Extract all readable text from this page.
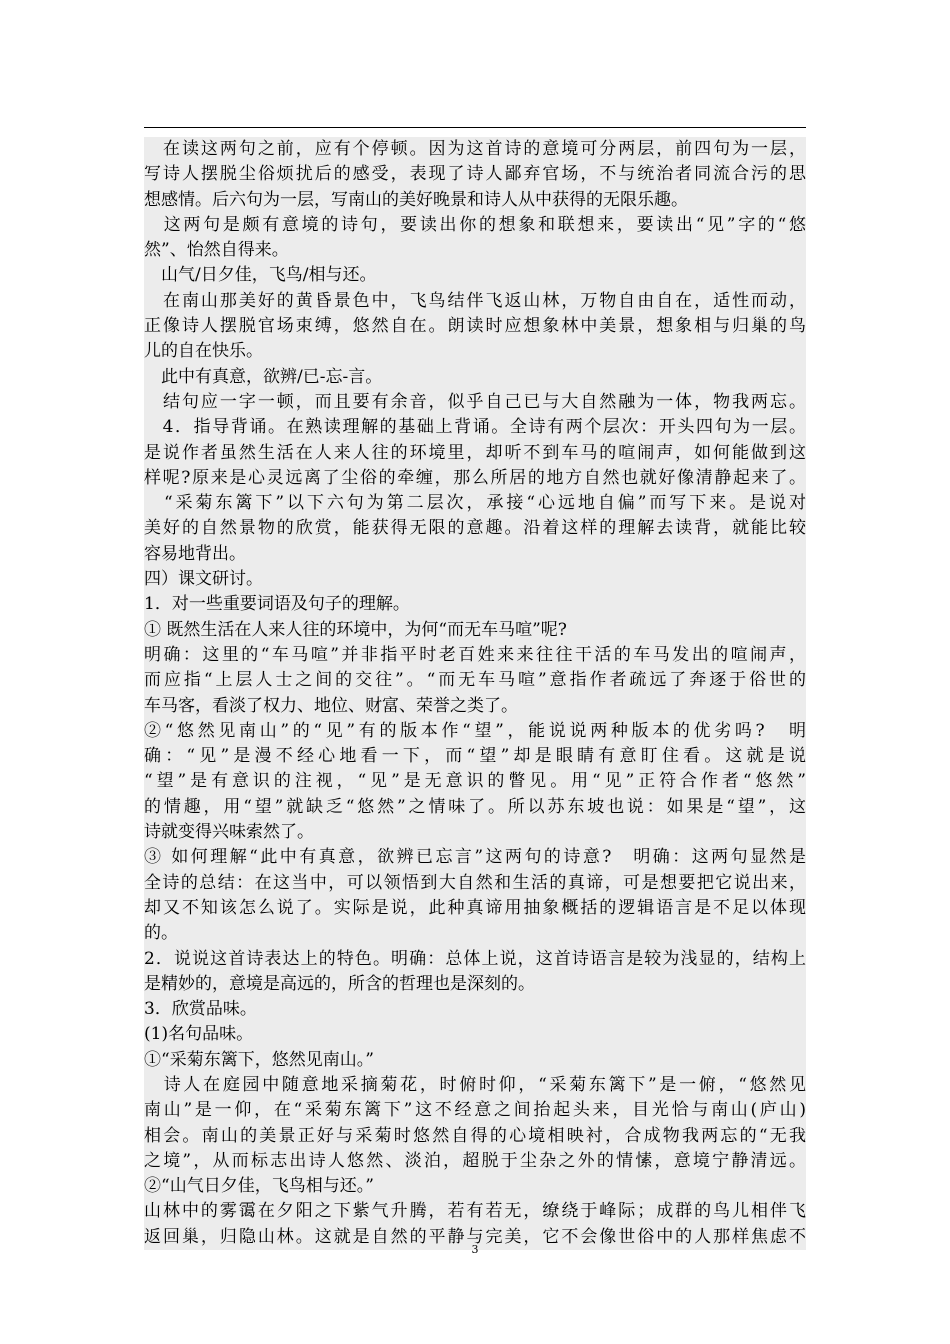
　在读这两句之前，应有个停顿。因为这首诗的意境可分两层，前四句为一层，
写诗人摆脱尘俗烦扰后的感受，表现了诗人鄙弃官场，不与统治者同流合污的思
想感情。后六句为一层，写南山的美好晚景和诗人从中获得的无限乐趣。
　这两句是颇有意境的诗句，要读出你的想象和联想来，要读出“见”字的“悠
然”、怡然自得来。
　山气/日夕佳，飞鸟/相与还。
　在南山那美好的黄昏景色中，飞鸟结伴飞返山林，万物自由自在，适性而动，
正像诗人摆脱官场束缚，悠然自在。朗读时应想象林中美景，想象相与归巢的鸟
儿的自在快乐。
　此中有真意，欲辨/已-忘-言。
　结句应一字一顿，而且要有余音，似乎自己已与大自然融为一体，物我两忘。
　4．指导背诵。在熟读理解的基础上背诵。全诗有两个层次：开头四句为一层。
是说作者虽然生活在人来人往的环境里，却听不到车马的喧闹声，如何能做到这
样呢?原来是心灵远离了尘俗的牵缠，那么所居的地方自然也就好像清静起来了。
　“采菊东篱下”以下六句为第二层次，承接“心远地自偏”而写下来。是说对
美好的自然景物的欣赏，能获得无限的意趣。沿着这样的理解去读背，就能比较
容易地背出。
四）课文研讨。
1．对一些重要词语及句子的理解。
① 既然生活在人来人往的环境中，为何“而无车马喧”呢?
明确：这里的“车马喧”并非指平时老百姓来来往往干活的车马发出的喧闹声，
而应指“上层人士之间的交往”。“而无车马喧”意指作者疏远了奔逐于俗世的
车马客，看淡了权力、地位、财富、荣誉之类了。
②“悠然见南山”的“见”有的版本作“望”，能说说两种版本的优劣吗?　明
确：“见”是漫不经心地看一下，而“望”却是眼睛有意盯住看。这就是说
“望”是有意识的注视，“见”是无意识的瞥见。用“见”正符合作者“悠然”
的情趣，用“望”就缺乏“悠然”之情味了。所以苏东坡也说：如果是“望”，这
诗就变得兴味索然了。
③ 如何理解“此中有真意，欲辨已忘言”这两句的诗意?　明确：这两句显然是
全诗的总结：在这当中，可以领悟到大自然和生活的真谛，可是想要把它说出来，
却又不知该怎么说了。实际是说，此种真谛用抽象概括的逻辑语言是不足以体现
的。
2．说说这首诗表达上的特色。明确：总体上说，这首诗语言是较为浅显的，结构上
是精妙的，意境是高远的，所含的哲理也是深刻的。
3．欣赏品味。
(1)名句品味。
①“采菊东篱下，悠然见南山。”
　诗人在庭园中随意地采摘菊花，时俯时仰，“采菊东篱下”是一俯，“悠然见
南山”是一仰，在“采菊东篱下”这不经意之间抬起头来，目光恰与南山(庐山)
相会。南山的美景正好与采菊时悠然自得的心境相映衬，合成物我两忘的“无我
之境”，从而标志出诗人悠然、淡泊，超脱于尘杂之外的情愫，意境宁静清远。
②“山气日夕佳，飞鸟相与还。”
山林中的雾霭在夕阳之下紫气升腾，若有若无，缭绕于峰际；成群的鸟儿相伴飞
返回巢，归隐山林。这就是自然的平静与完美，它不会像世俗中的人那样焦虑不
3
